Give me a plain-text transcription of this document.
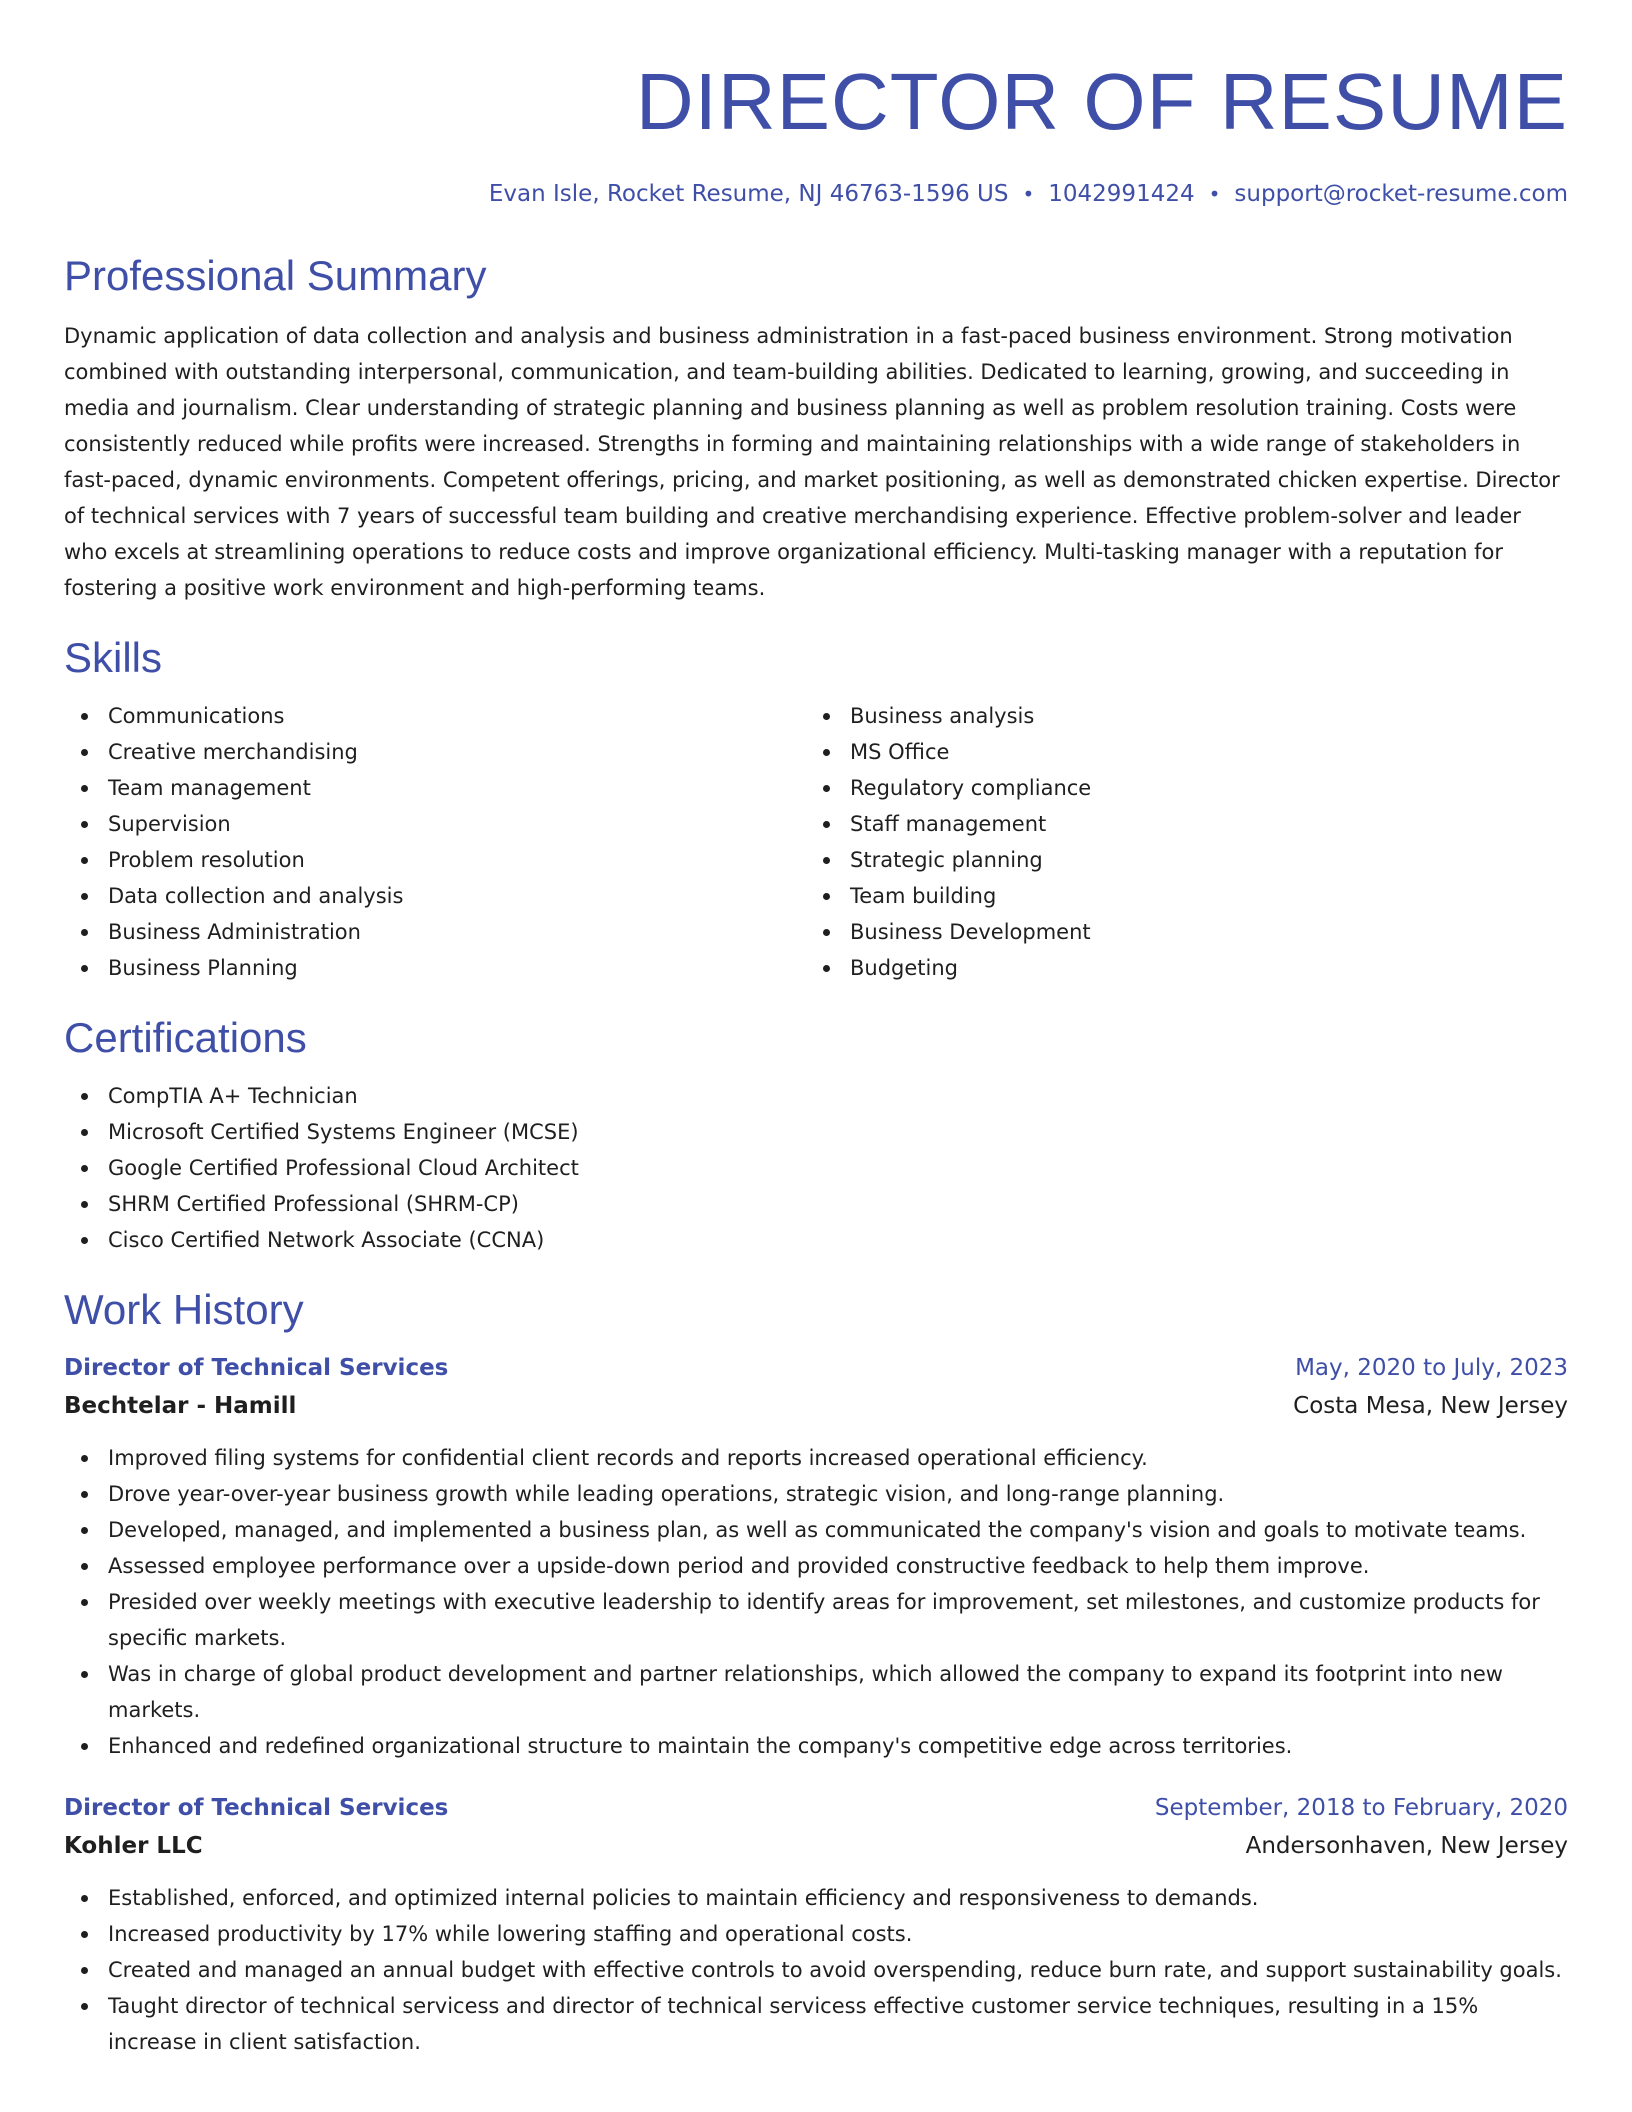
DIRECTOR OF RESUME
Evan Isle, Rocket Resume, NJ 46763-1596 US • 1042991424 • support@rocket-resume.com
Professional Summary
Dynamic application of data collection and analysis and business administration in a fast-paced business environment. Strong motivation combined with outstanding interpersonal, communication, and team-building abilities. Dedicated to learning, growing, and succeeding in media and journalism. Clear understanding of strategic planning and business planning as well as problem resolution training. Costs were consistently reduced while profits were increased. Strengths in forming and maintaining relationships with a wide range of stakeholders in fast-paced, dynamic environments. Competent offerings, pricing, and market positioning, as well as demonstrated chicken expertise. Director of technical services with 7 years of successful team building and creative merchandising experience. Effective problem-solver and leader who excels at streamlining operations to reduce costs and improve organizational efficiency. Multi-tasking manager with a reputation for fostering a positive work environment and high-performing teams.
Skills
Communications
Creative merchandising
Team management
Supervision
Problem resolution
Data collection and analysis
Business Administration
Business Planning
Business analysis
MS Office
Regulatory compliance
Staff management
Strategic planning
Team building
Business Development
Budgeting
Certifications
CompTIA A+ Technician
Microsoft Certified Systems Engineer (MCSE)
Google Certified Professional Cloud Architect
SHRM Certified Professional (SHRM-CP)
Cisco Certified Network Associate (CCNA)
Work History
Director of Technical Services	May, 2020 to July, 2023
Bechtelar - Hamill	Costa Mesa, New Jersey
Improved filing systems for confidential client records and reports increased operational efficiency.
Drove year-over-year business growth while leading operations, strategic vision, and long-range planning.
Developed, managed, and implemented a business plan, as well as communicated the company's vision and goals to motivate teams.
Assessed employee performance over a upside-down period and provided constructive feedback to help them improve.
Presided over weekly meetings with executive leadership to identify areas for improvement, set milestones, and customize products for specific markets.
Was in charge of global product development and partner relationships, which allowed the company to expand its footprint into new markets.
Enhanced and redefined organizational structure to maintain the company's competitive edge across territories.
Director of Technical Services	September, 2018 to February, 2020
Kohler LLC	Andersonhaven, New Jersey
Established, enforced, and optimized internal policies to maintain efficiency and responsiveness to demands.
Increased productivity by 17% while lowering staffing and operational costs.
Created and managed an annual budget with effective controls to avoid overspending, reduce burn rate, and support sustainability goals.
Taught director of technical servicess and director of technical servicess effective customer service techniques, resulting in a 15% increase in client satisfaction.
